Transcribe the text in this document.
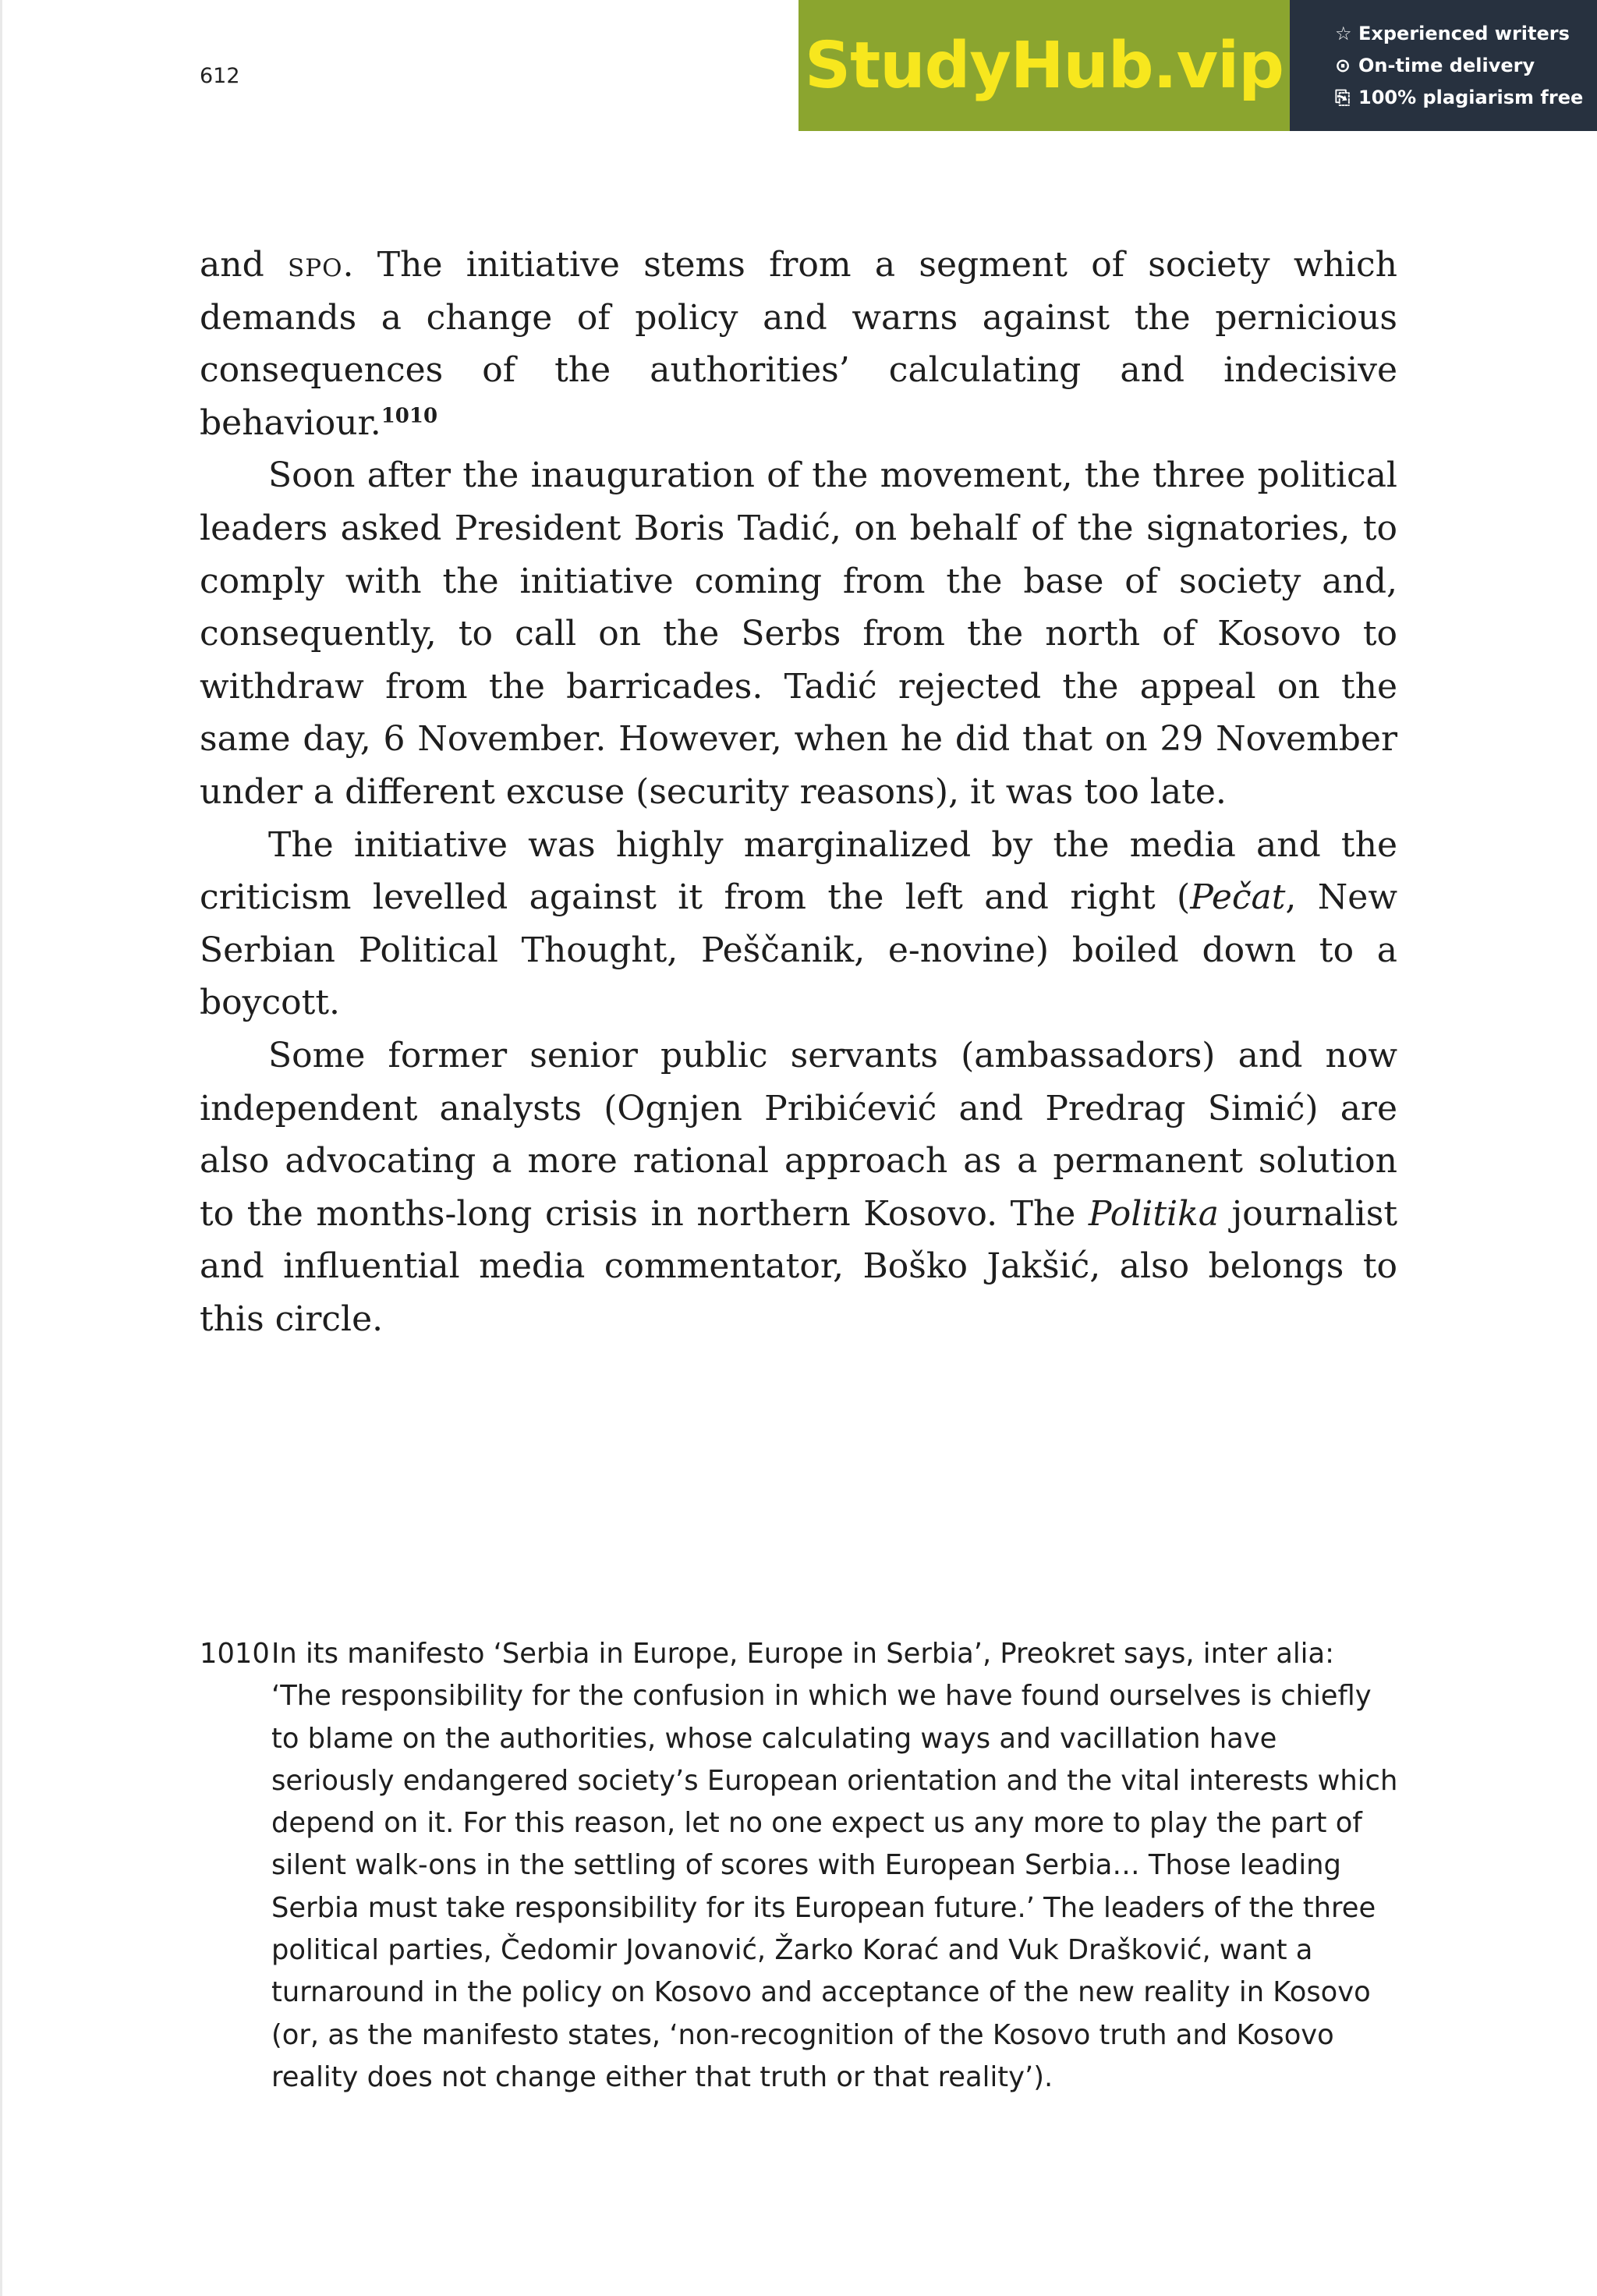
612	StudyHub.vip	☆ Experienced writers
⊙ On-time delivery
⎘ 100% plagiarism free

and spo. The initiative stems from a segment of society which demands a change of policy and warns against the pernicious consequences of the authorities’ calculating and indecisive behaviour.$^{1010}$

Soon after the inauguration of the movement, the three political leaders asked President Boris Tadić, on behalf of the signatories, to comply with the initiative coming from the base of society and, consequently, to call on the Serbs from the north of Kosovo to withdraw from the barricades. Tadić rejected the appeal on the same day, 6 November. However, when he did that on 29 November under a different excuse (security reasons), it was too late.

The initiative was highly marginalized by the media and the criticism levelled against it from the left and right (Pečat, New Serbian Political Thought, Peščanik, e-novine) boiled down to a boycott.

Some former senior public servants (ambassadors) and now independent analysts (Ognjen Pribićević and Predrag Simić) are also advocating a more rational approach as a permanent solution to the months-long crisis in northern Kosovo. The Politika journalist and influential media commentator, Boško Jakšić, also belongs to this circle.

1010 In its manifesto ‘Serbia in Europe, Europe in Serbia’, Preokret says, inter alia: ‘The responsibility for the confusion in which we have found ourselves is chiefly to blame on the authorities, whose calculating ways and vacillation have seriously endangered society’s European orientation and the vital interests which depend on it. For this reason, let no one expect us any more to play the part of silent walk-ons in the settling of scores with European Serbia… Those leading Serbia must take responsibility for its European future.’ The leaders of the three political parties, Čedomir Jovanović, Žarko Korać and Vuk Drašković, want a turnaround in the policy on Kosovo and acceptance of the new reality in Kosovo (or, as the manifesto states, ‘non-recognition of the Kosovo truth and Kosovo reality does not change either that truth or that reality’).
